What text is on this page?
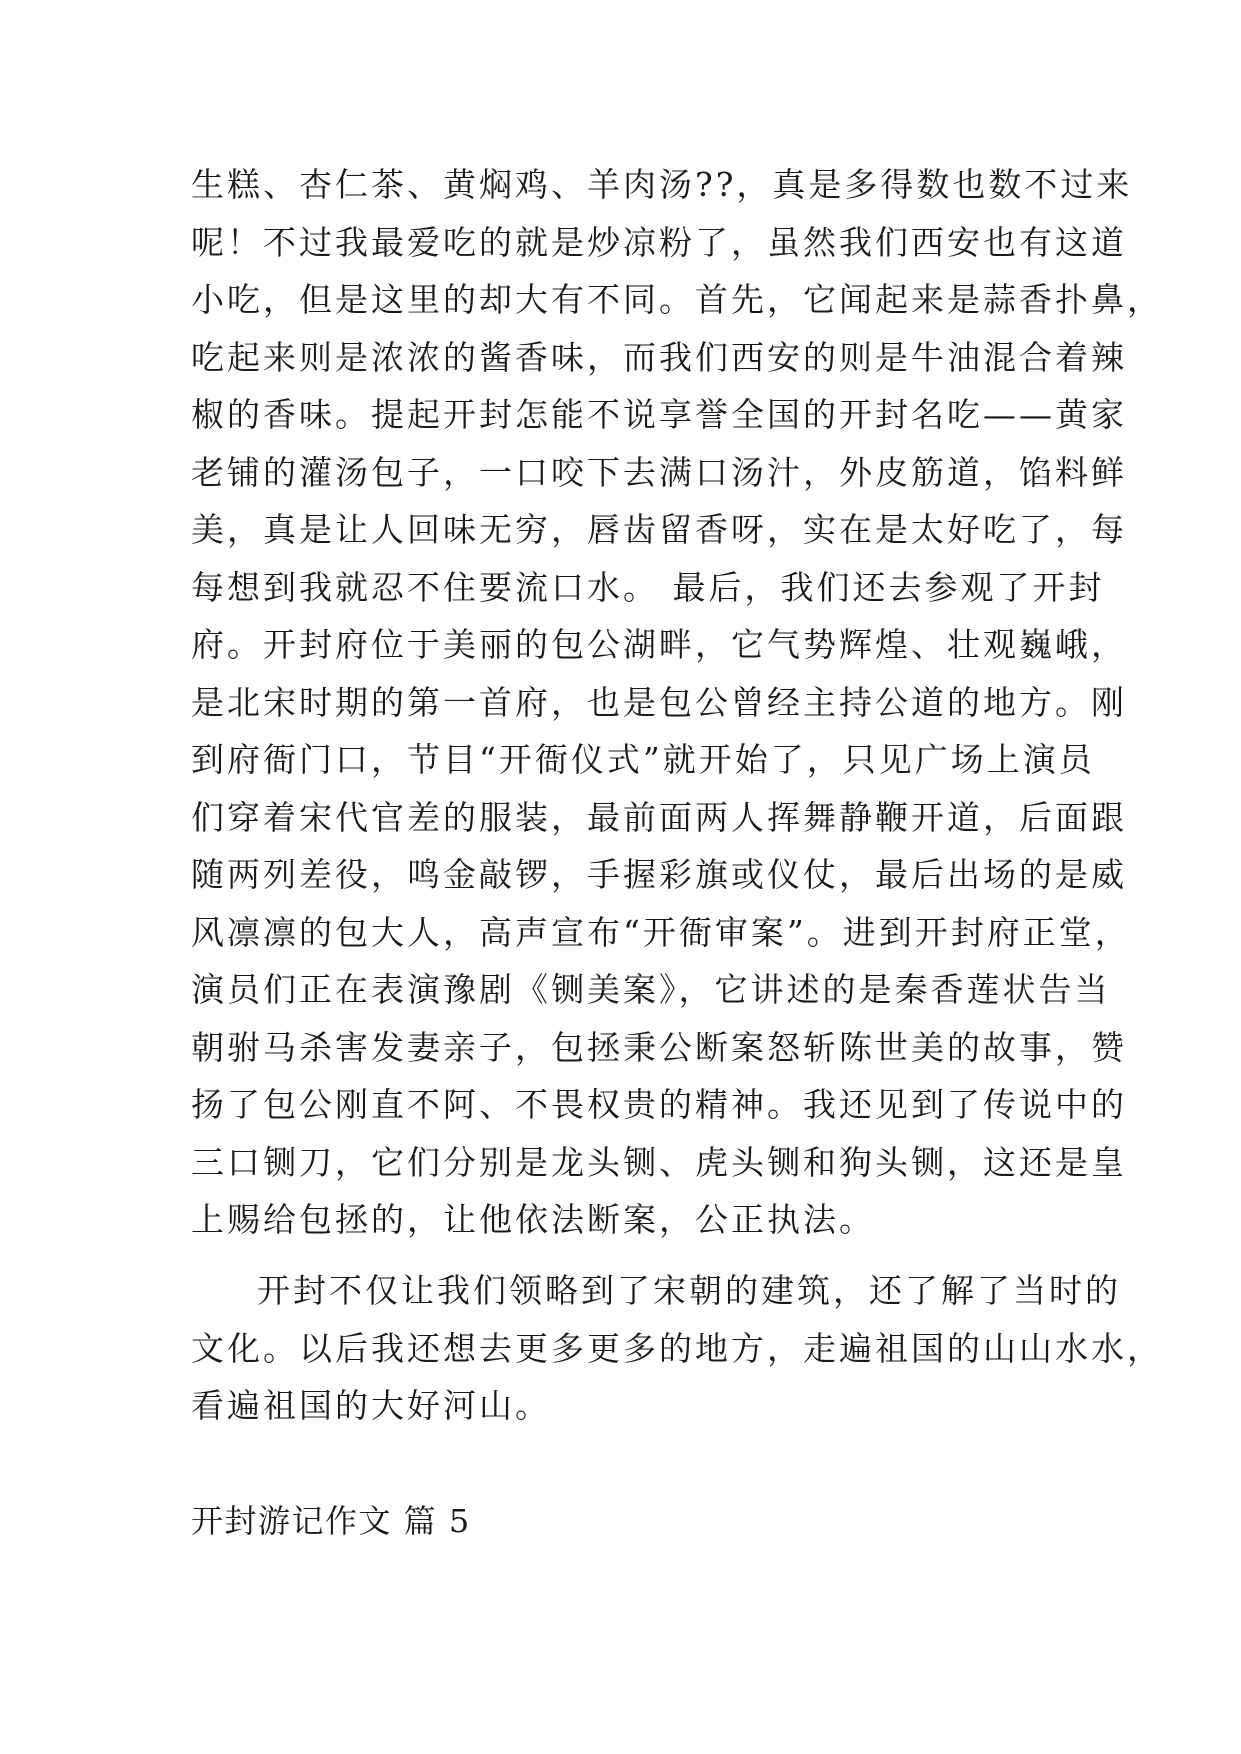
生糕、杏仁茶、黄焖鸡、羊肉汤??，真是多得数也数不过来
呢！不过我最爱吃的就是炒凉粉了，虽然我们西安也有这道
小吃，但是这里的却大有不同。首先，它闻起来是蒜香扑鼻，
吃起来则是浓浓的酱香味，而我们西安的则是牛油混合着辣
椒的香味。提起开封怎能不说享誉全国的开封名吃——黄家
老铺的灌汤包子，一口咬下去满口汤汁，外皮筋道，馅料鲜
美，真是让人回味无穷，唇齿留香呀，实在是太好吃了，每
每想到我就忍不住要流口水。 最后，我们还去参观了开封
府。开封府位于美丽的包公湖畔，它气势辉煌、壮观巍峨，
是北宋时期的第一首府，也是包公曾经主持公道的地方。刚
到府衙门口，节目“开衙仪式”就开始了，只见广场上演员
们穿着宋代官差的服装，最前面两人挥舞静鞭开道，后面跟
随两列差役，鸣金敲锣，手握彩旗或仪仗，最后出场的是威
风凛凛的包大人，高声宣布“开衙审案”。进到开封府正堂，
演员们正在表演豫剧《铡美案》，它讲述的是秦香莲状告当
朝驸马杀害发妻亲子，包拯秉公断案怒斩陈世美的故事，赞
扬了包公刚直不阿、不畏权贵的精神。我还见到了传说中的
三口铡刀，它们分别是龙头铡、虎头铡和狗头铡，这还是皇
上赐给包拯的，让他依法断案，公正执法。
开封不仅让我们领略到了宋朝的建筑，还了解了当时的
文化。以后我还想去更多更多的地方，走遍祖国的山山水水，
看遍祖国的大好河山。
开封游记作文 篇 5
